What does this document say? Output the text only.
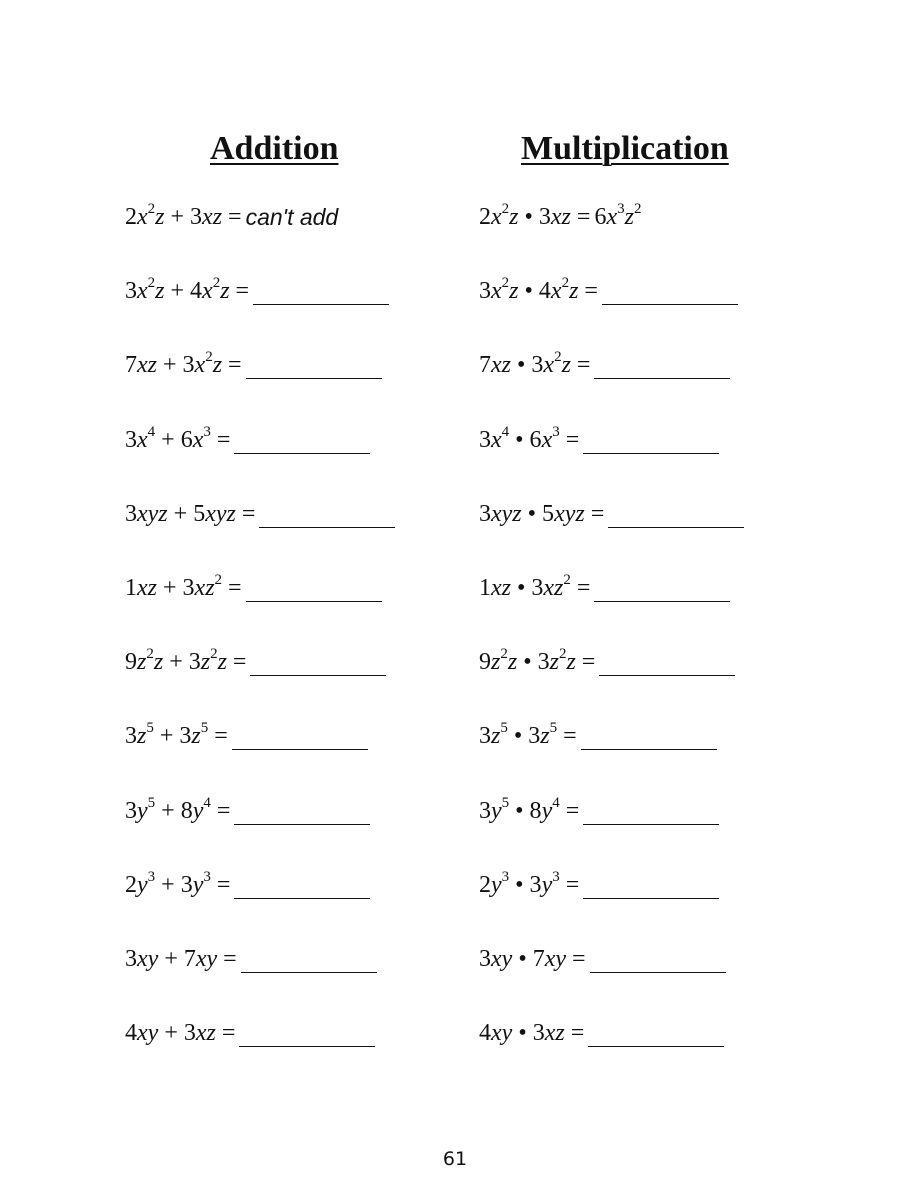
Addition	Multiplication
$2x^2z + 3xz = can't$ add
$3x^2z + 4x^2z$ =
$7xz + 3x^2z$ =
$3x^4 + 6x^3$ =
3xyz + 5xyz =
$1xz + 3xz^2$ =
$9z^2z + 3z^2z$ =
$3z^5 + 3z^5$ =
$3y^5 + 8y^4$ =
$2y^3 + 3y^3$ =
3xy + 7xy =
4xy + 3xz =
$2x^2z$ • $3xz = 6x^3z^2$
$3x^2z$ • $4x^2z$ =
7xz • $3x^2z$ =
$3x^4$ • $6x^3$ =
3xyz • 5xyz =
1xz • $3xz^2$ =
$9z^2z$ • $3z^2z$ =
$3z^5$ • $3z^5$ =
$3y^5$ • $8y^4$ =
$2y^3$ • $3y^3$ =
3xy • 7xy =
4xy • 3xz =
61
